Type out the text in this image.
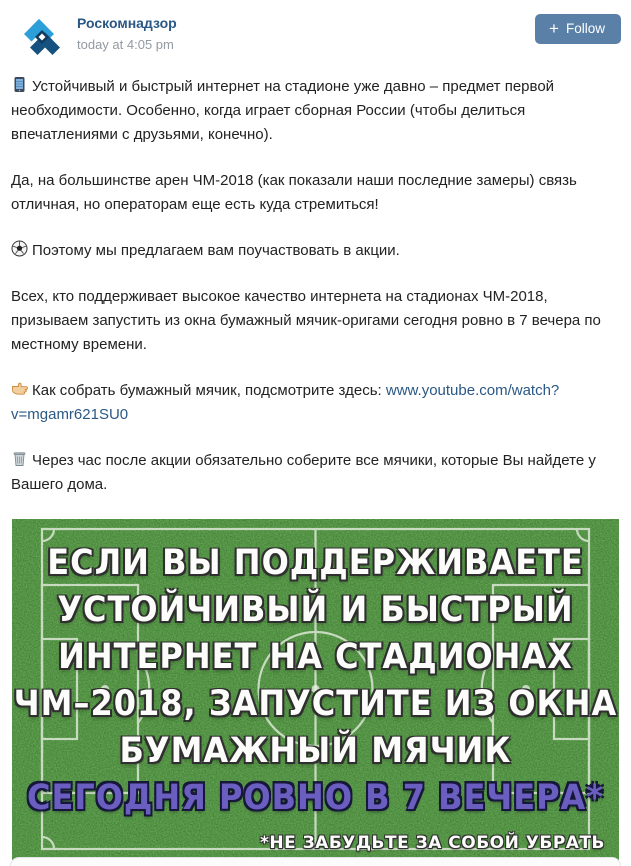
Роскомнадзор
today at 4:05 pm
+ Follow

Устойчивый и быстрый интернет на стадионе уже давно – предмет первой необходимости. Особенно, когда играет сборная России (чтобы делиться впечатлениями с друзьями, конечно).

Да, на большинстве арен ЧМ-2018 (как показали наши последние замеры) связь отличная, но операторам еще есть куда стремиться!

Поэтому мы предлагаем вам поучаствовать в акции.

Всех, кто поддерживает высокое качество интернета на стадионах ЧМ-2018, призываем запустить из окна бумажный мячик-оригами сегодня ровно в 7 вечера по местному времени.

Как собрать бумажный мячик, подсмотрите здесь: www.youtube.com/watch?v=mgamr621SU0

Через час после акции обязательно соберите все мячики, которые Вы найдете у Вашего дома.

ЕСЛИ ВЫ ПОДДЕРЖИВАЕТЕ
УСТОЙЧИВЫЙ И БЫСТРЫЙ
ИНТЕРНЕТ НА СТАДИОНАХ
ЧМ–2018, ЗАПУСТИТЕ ИЗ ОКНА
БУМАЖНЫЙ МЯЧИК
СЕГОДНЯ РОВНО В 7 ВЕЧЕРА*
*НЕ ЗАБУДЬТЕ ЗА СОБОЙ УБРАТЬ
